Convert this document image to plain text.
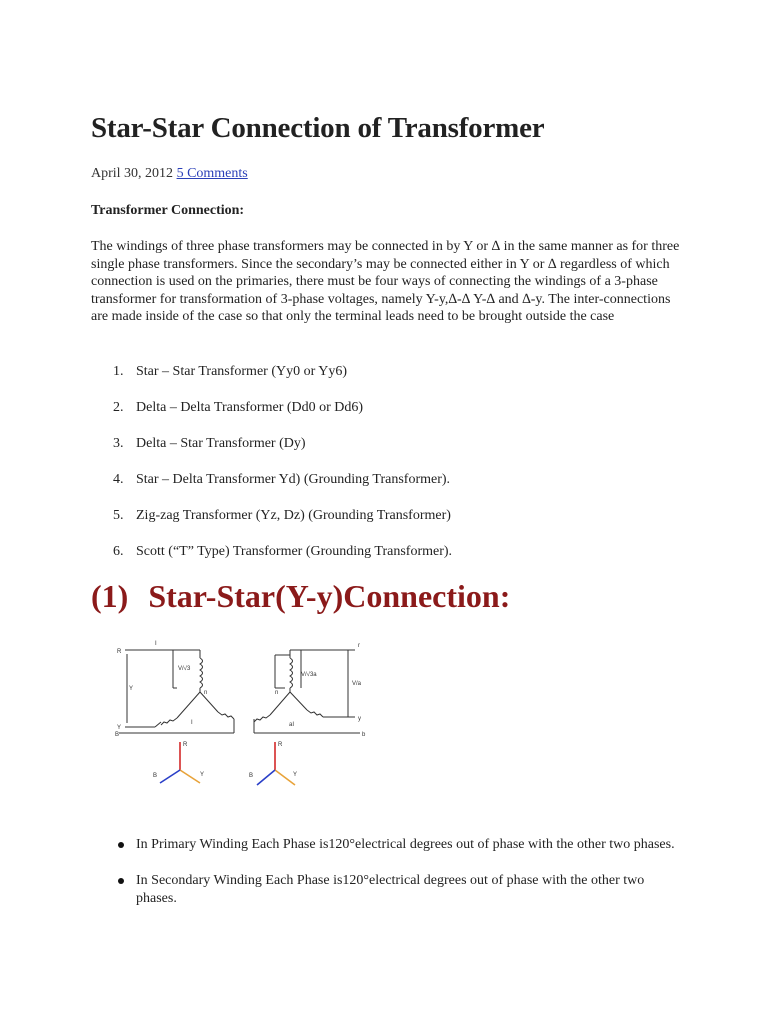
Star-Star Connection of Transformer
April 30, 2012 5 Comments
Transformer Connection:

The windings of three phase transformers may be connected in by Y or ∆ in the same manner as for three single phase transformers. Since the secondary’s may be connected either in Y or ∆ regardless of which connection is used on the primaries, there must be four ways of connecting the windings of a 3-phase transformer for transformation of 3-phase voltages, namely Y-y,∆-∆ Y-∆ and ∆-y. The inter-connections are made inside of the case so that only the terminal leads need to be brought outside the case

1. Star – Star Transformer (Yy0 or Yy6)
2. Delta – Delta Transformer (Dd0 or Dd6)
3. Delta – Star Transformer (Dy)
4. Star – Delta Transformer Yd) (Grounding Transformer).
5. Zig-zag Transformer (Yz, Dz) (Grounding Transformer)
6. Scott (“T” Type) Transformer (Grounding Transformer).
(1) Star-Star(Y-y)Connection:
R
I
Y
Y
B
V/√3
n
I
V/√3a
V/a
n
aI
r
y
b
R
Y
B
R
Y
B
In Primary Winding Each Phase is120°electrical degrees out of phase with the other two phases.
In Secondary Winding Each Phase is120°electrical degrees out of phase with the other two phases.
